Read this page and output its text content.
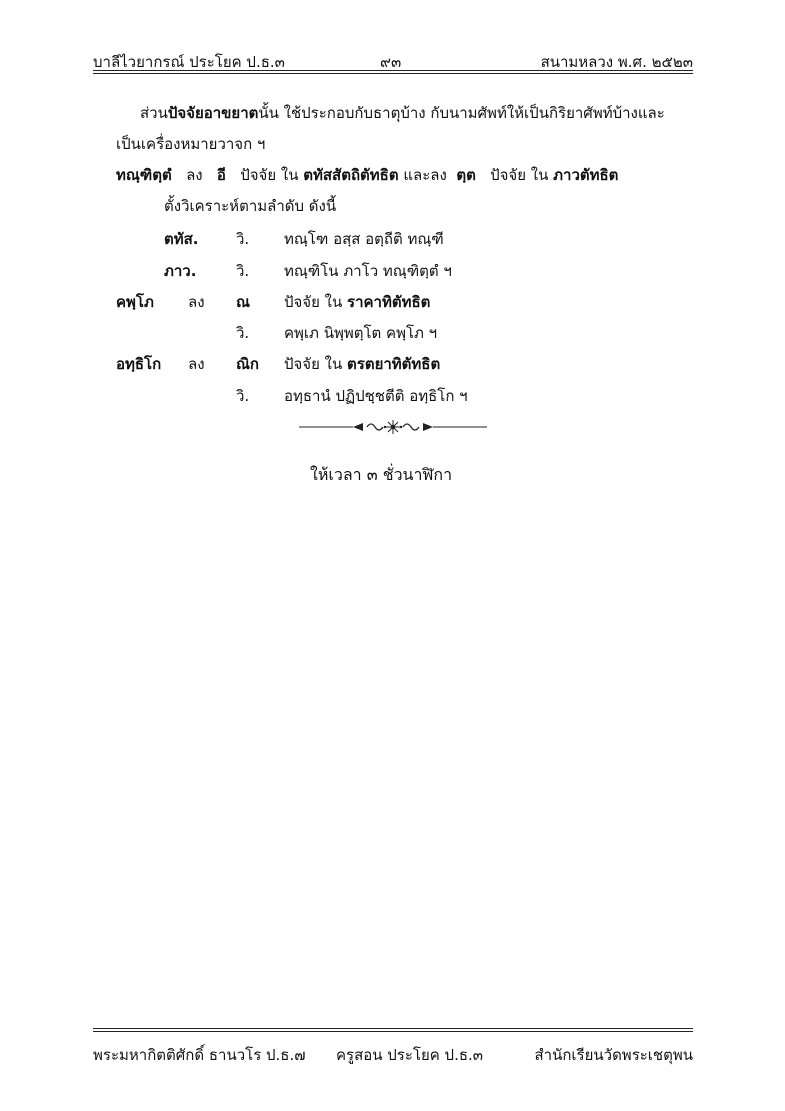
บาลีไวยากรณ์ ประโยค ป.ธ.๓	๙๓	สนามหลวง พ.ศ. ๒๕๒๓
ส่วนปัจจัยอาขยาตนั้น ใช้ประกอบกับธาตุบ้าง กับนามศัพท์ให้เป็นกิริยาศัพท์บ้างและ
เป็นเครื่องหมายวาจก ฯ
ทณฺฑิตฺตํ ลง อี ปัจจัย ใน ตทัสสัตถิตัทธิต และลง ตฺต ปัจจัย ใน ภาวตัทธิต
ตั้งวิเคราะห์ตามลำดับ ดังนี้
ตทัส.	วิ. ทณฺโฑ อสฺส อตฺถีติ ทณฺฑี
ภาว.	วิ. ทณฺฑิโน ภาโว ทณฺฑิตฺตํ ฯ
คพฺโภ ลง ณ ปัจจัย ใน ราคาทิตัทธิต
วิ. คพฺเภ นิพฺพตฺโต คพฺโภ ฯ
อทฺธิโก ลง ณิก ปัจจัย ใน ตรตยาทิตัทธิต
วิ. อทฺธานํ ปฏิปชฺชตีติ อทฺธิโก ฯ
ให้เวลา ๓ ชั่วนาฬิกา
พระมหากิตติศักดิ์ ธานวโร ป.ธ.๗ ครูสอน ประโยค ป.ธ.๓	สำนักเรียนวัดพระเชตุพน
